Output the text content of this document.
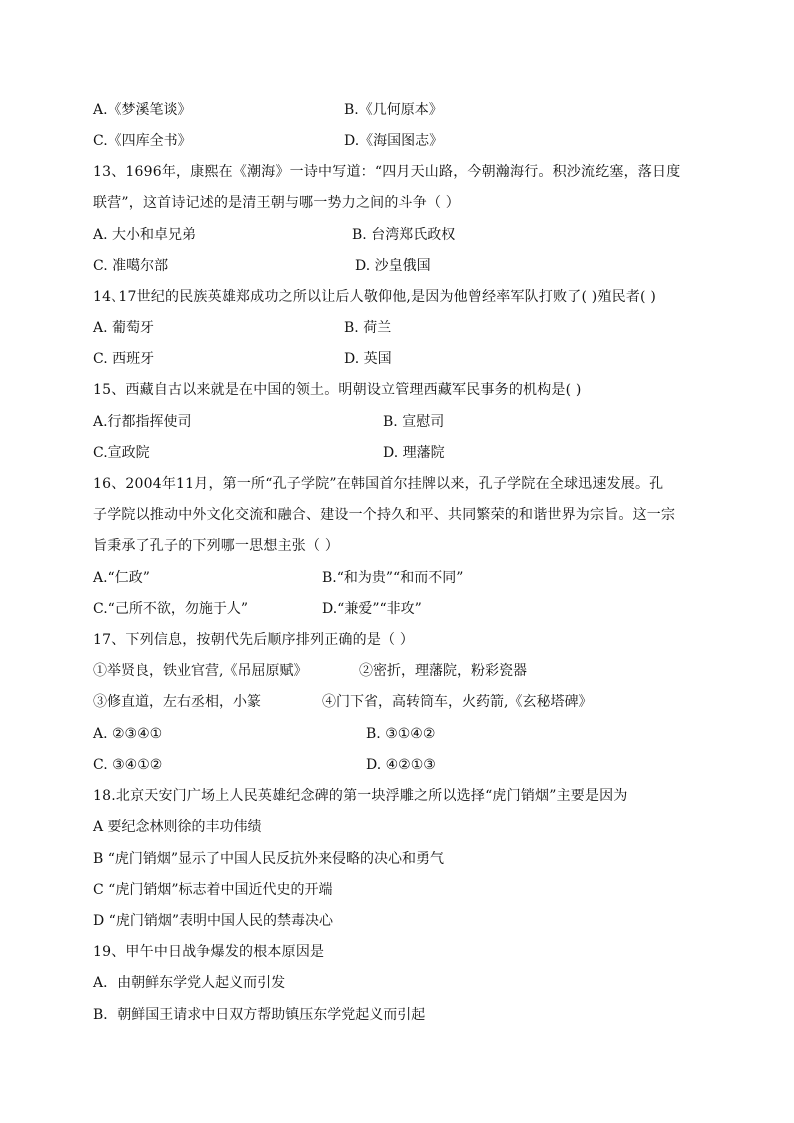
A.《梦溪笔谈》	B.《几何原本》
C.《四库全书》	D.《海国图志》
13、1696年，康熙在《潮海》一诗中写道：“四月天山路，今朝瀚海行。积沙流纥塞，落日度
联营”，这首诗记述的是清王朝与哪一势力之间的斗争（ ）
A. 大小和卓兄弟	B. 台湾郑氏政权
C. 准噶尔部	D. 沙皇俄国
14､17世纪的民族英雄郑成功之所以让后人敬仰他,是因为他曾经率军队打败了( )殖民者( )
A. 葡萄牙	B. 荷兰
C. 西班牙	D. 英国
15、西藏自古以来就是在中国的领土。明朝设立管理西藏军民事务的机构是( )
A.行都指挥使司	B. 宣慰司
C.宣政院	D. 理藩院
16、2004年11月，第一所“孔子学院”在韩国首尔挂牌以来，孔子学院在全球迅速发展。孔
子学院以推动中外文化交流和融合、建设一个持久和平、共同繁荣的和谐世界为宗旨。这一宗
旨秉承了孔子的下列哪一思想主张（ ）
A.“仁政”	B.“和为贵”“和而不同”
C.“己所不欲，勿施于人”	D.“兼爱”“非攻”
17、下列信息，按朝代先后顺序排列正确的是（ ）
①举贤良，铁业官营,《吊屈原赋》	②密折，理藩院，粉彩瓷器
③修直道，左右丞相，小篆	④门下省，高转筒车，火药箭,《玄秘塔碑》
A. ②③④①	B. ③①④②
C. ③④①②	D. ④②①③
18.北京天安门广场上人民英雄纪念碑的第一块浮雕之所以选择“虎门销烟”主要是因为
A 要纪念林则徐的丰功伟绩
B “虎门销烟”显示了中国人民反抗外来侵略的决心和勇气
C “虎门销烟”标志着中国近代史的开端
D “虎门销烟”表明中国人民的禁毒决心
19、甲午中日战争爆发的根本原因是
A．由朝鲜东学党人起义而引发
B．朝鲜国王请求中日双方帮助镇压东学党起义而引起
